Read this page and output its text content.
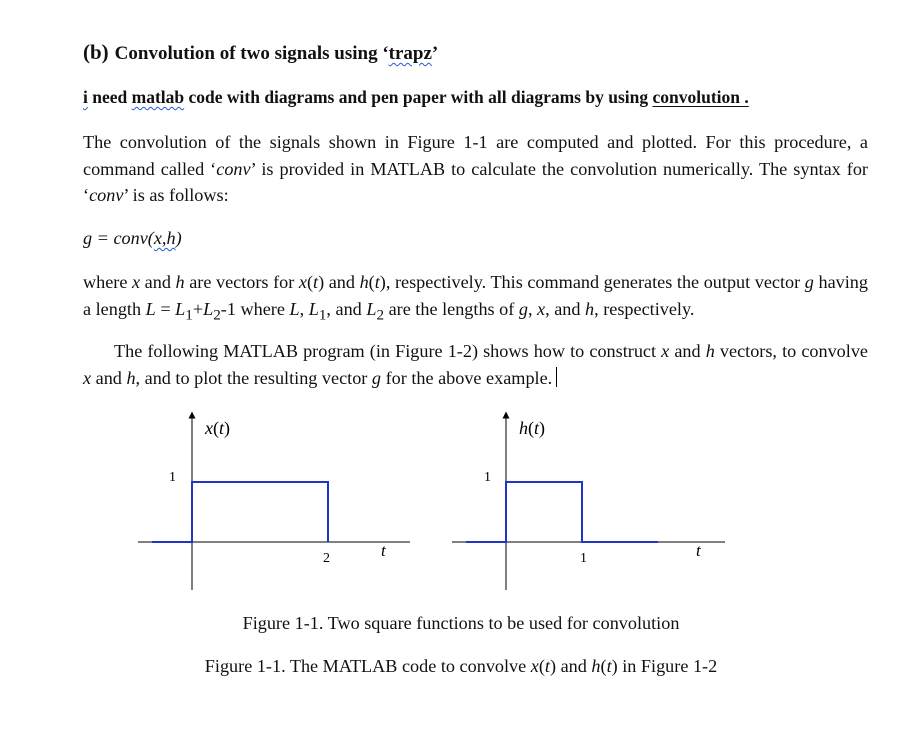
(b) Convolution of two signals using ‘trapz’
i need matlab code with diagrams and pen paper with all diagrams by using convolution .
The convolution of the signals shown in Figure 1-1 are computed and plotted. For this procedure, a command called ‘conv’ is provided in MATLAB to calculate the convolution numerically. The syntax for ‘conv’ is as follows:
g = conv(x,h)
where x and h are vectors for x(t) and h(t), respectively. This command generates the output vector g having a length $L = L_1+L_2-1$ where L, $L_1$, and $L_2$ are the lengths of g, x, and h, respectively.
The following MATLAB program (in Figure 1-2) shows how to construct x and h vectors, to convolve x and h, and to plot the resulting vector g for the above example.
x(t)
1
2	t
h(t)
1
1	t
Figure 1-1. Two square functions to be used for convolution
Figure 1-1. The MATLAB code to convolve x(t) and h(t) in Figure 1-2
